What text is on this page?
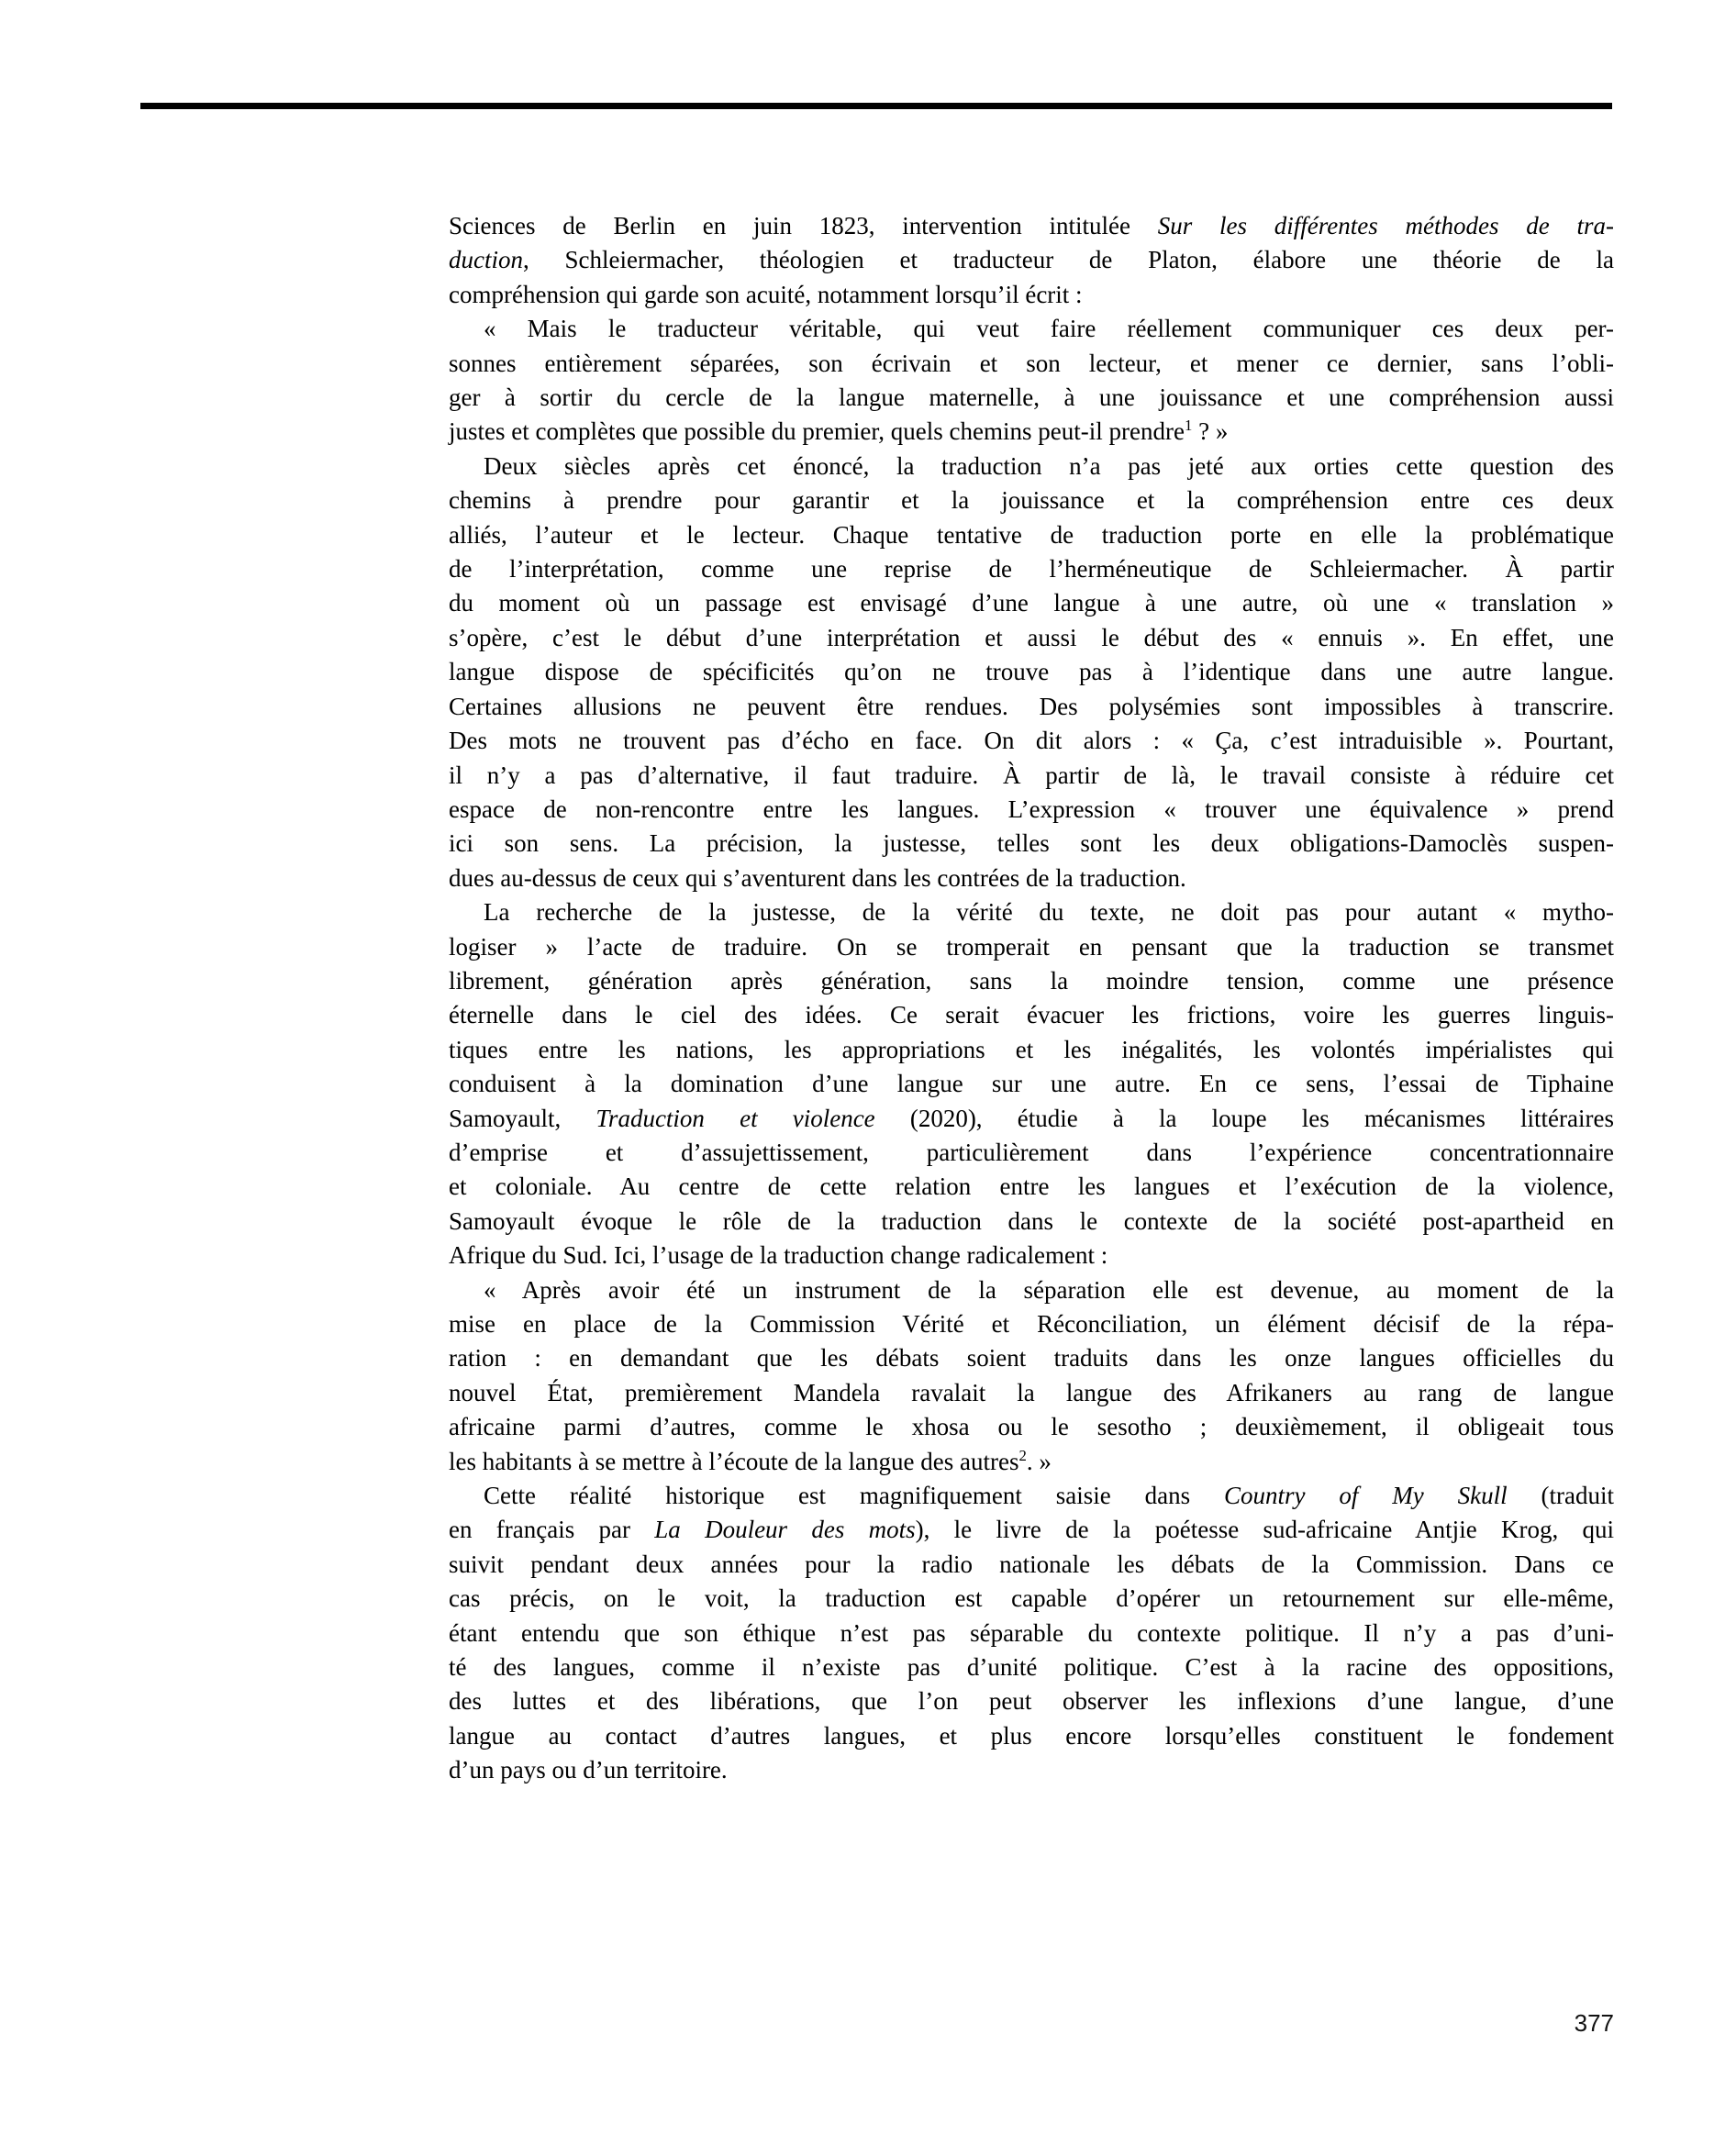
Sciences de Berlin en juin 1823, intervention intitulée Sur les différentes méthodes de tra-
duction, Schleiermacher, théologien et traducteur de Platon, élabore une théorie de la
compréhension qui garde son acuité, notamment lorsqu’il écrit :
« Mais le traducteur véritable, qui veut faire réellement communiquer ces deux per-
sonnes entièrement séparées, son écrivain et son lecteur, et mener ce dernier, sans l’obli-
ger à sortir du cercle de la langue maternelle, à une jouissance et une compréhension aussi
justes et complètes que possible du premier, quels chemins peut-il prendre$^1$ ? »
Deux siècles après cet énoncé, la traduction n’a pas jeté aux orties cette question des
chemins à prendre pour garantir et la jouissance et la compréhension entre ces deux
alliés, l’auteur et le lecteur. Chaque tentative de traduction porte en elle la problématique
de l’interprétation, comme une reprise de l’herméneutique de Schleiermacher. À partir
du moment où un passage est envisagé d’une langue à une autre, où une « translation »
s’opère, c’est le début d’une interprétation et aussi le début des « ennuis ». En effet, une
langue dispose de spécificités qu’on ne trouve pas à l’identique dans une autre langue.
Certaines allusions ne peuvent être rendues. Des polysémies sont impossibles à transcrire.
Des mots ne trouvent pas d’écho en face. On dit alors : « Ça, c’est intraduisible ». Pourtant,
il n’y a pas d’alternative, il faut traduire. À partir de là, le travail consiste à réduire cet
espace de non-rencontre entre les langues. L’expression « trouver une équivalence » prend
ici son sens. La précision, la justesse, telles sont les deux obligations-Damoclès suspen-
dues au-dessus de ceux qui s’aventurent dans les contrées de la traduction.
La recherche de la justesse, de la vérité du texte, ne doit pas pour autant « mytho-
logiser » l’acte de traduire. On se tromperait en pensant que la traduction se transmet
librement, génération après génération, sans la moindre tension, comme une présence
éternelle dans le ciel des idées. Ce serait évacuer les frictions, voire les guerres linguis-
tiques entre les nations, les appropriations et les inégalités, les volontés impérialistes qui
conduisent à la domination d’une langue sur une autre. En ce sens, l’essai de Tiphaine
Samoyault, Traduction et violence (2020), étudie à la loupe les mécanismes littéraires
d’emprise et d’assujettissement, particulièrement dans l’expérience concentrationnaire
et coloniale. Au centre de cette relation entre les langues et l’exécution de la violence,
Samoyault évoque le rôle de la traduction dans le contexte de la société post-apartheid en
Afrique du Sud. Ici, l’usage de la traduction change radicalement :
« Après avoir été un instrument de la séparation elle est devenue, au moment de la
mise en place de la Commission Vérité et Réconciliation, un élément décisif de la répa-
ration : en demandant que les débats soient traduits dans les onze langues officielles du
nouvel État, premièrement Mandela ravalait la langue des Afrikaners au rang de langue
africaine parmi d’autres, comme le xhosa ou le sesotho ; deuxièmement, il obligeait tous
les habitants à se mettre à l’écoute de la langue des autres$^2$. »
Cette réalité historique est magnifiquement saisie dans Country of My Skull (traduit
en français par La Douleur des mots), le livre de la poétesse sud-africaine Antjie Krog, qui
suivit pendant deux années pour la radio nationale les débats de la Commission. Dans ce
cas précis, on le voit, la traduction est capable d’opérer un retournement sur elle-même,
étant entendu que son éthique n’est pas séparable du contexte politique. Il n’y a pas d’uni-
té des langues, comme il n’existe pas d’unité politique. C’est à la racine des oppositions,
des luttes et des libérations, que l’on peut observer les inflexions d’une langue, d’une
langue au contact d’autres langues, et plus encore lorsqu’elles constituent le fondement
d’un pays ou d’un territoire.
377
